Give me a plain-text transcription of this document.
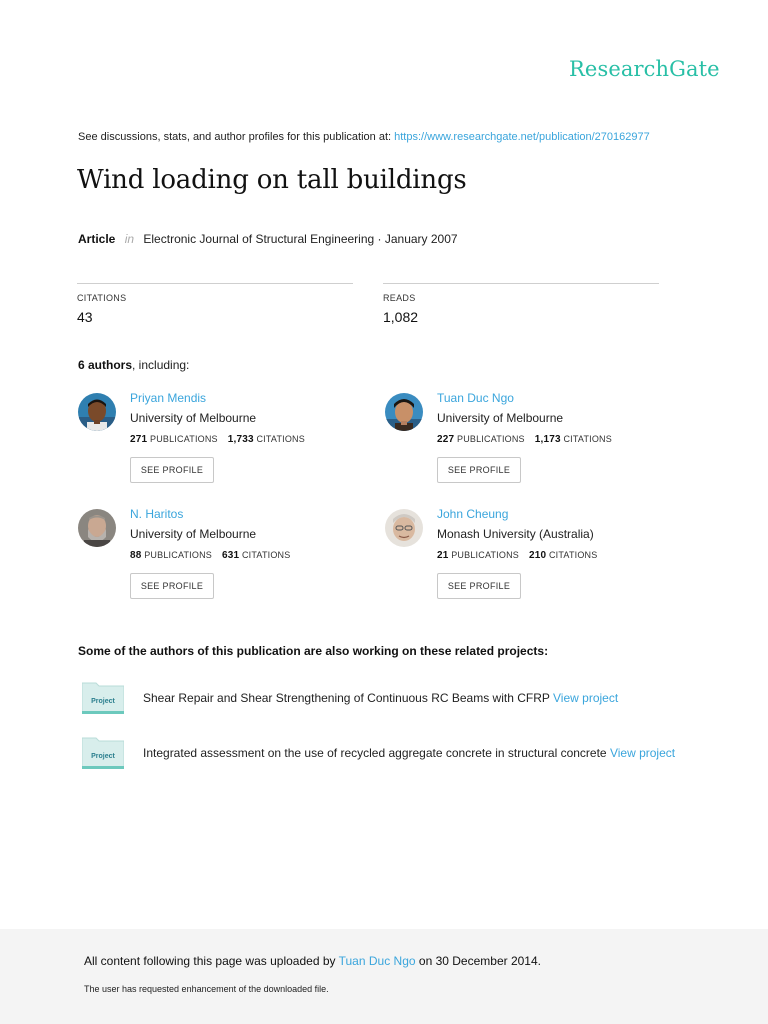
ResearchGate
See discussions, stats, and author profiles for this publication at: https://www.researchgate.net/publication/270162977
Wind loading on tall buildings
Article in Electronic Journal of Structural Engineering · January 2007
CITATIONS
43
READS
1,082
6 authors, including:
Priyan Mendis
University of Melbourne
271 PUBLICATIONS 1,733 CITATIONS
SEE PROFILE
Tuan Duc Ngo
University of Melbourne
227 PUBLICATIONS 1,173 CITATIONS
SEE PROFILE
N. Haritos
University of Melbourne
88 PUBLICATIONS 631 CITATIONS
SEE PROFILE
John Cheung
Monash University (Australia)
21 PUBLICATIONS 210 CITATIONS
SEE PROFILE
Some of the authors of this publication are also working on these related projects:
Project Shear Repair and Shear Strengthening of Continuous RC Beams with CFRP View project
Project Integrated assessment on the use of recycled aggregate concrete in structural concrete View project
All content following this page was uploaded by Tuan Duc Ngo on 30 December 2014.
The user has requested enhancement of the downloaded file.
